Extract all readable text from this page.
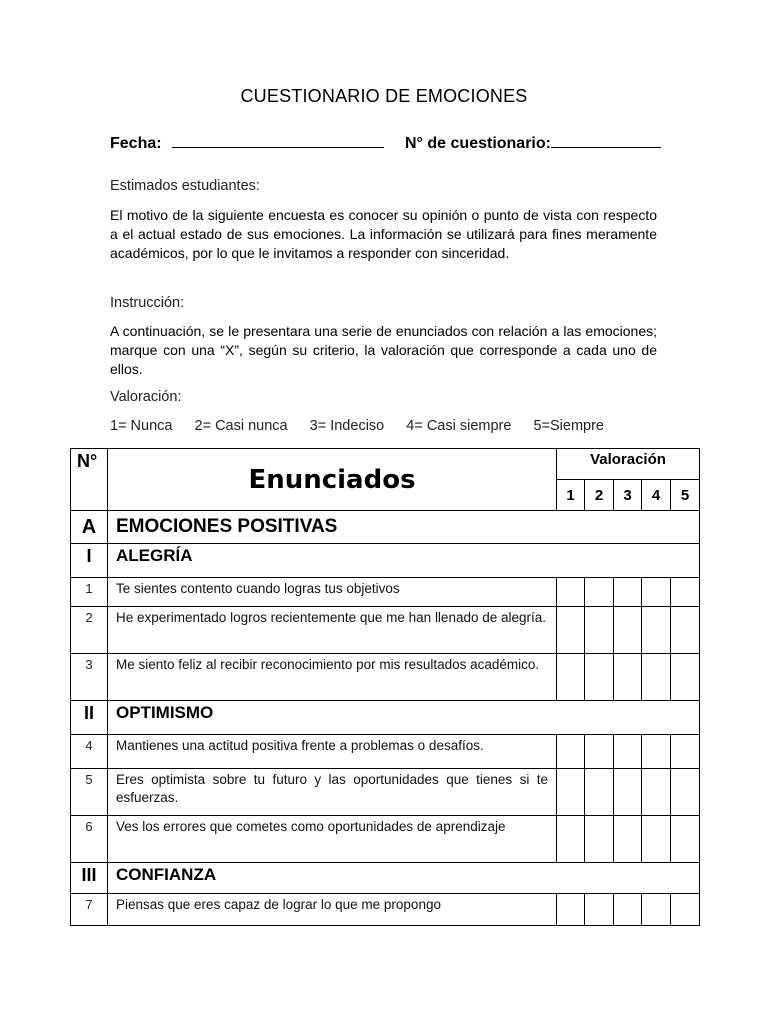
CUESTIONARIO DE EMOCIONES
Fecha:	N° de cuestionario:
Estimados estudiantes:
El motivo de la siguiente encuesta es conocer su opinión o punto de vista con respecto a el actual estado de sus emociones. La información se utilizará para fines meramente académicos, por lo que le invitamos a responder con sinceridad.
Instrucción:
A continuación, se le presentara una serie de enunciados con relación a las emociones; marque con una “X”, según su criterio, la valoración que corresponde a cada uno de ellos.
Valoración:
1= Nunca 2= Casi nunca 3= Indeciso 4= Casi siempre 5=Siempre
N°	Enunciados	Valoración				
		1	2	3	4	5
A	EMOCIONES POSITIVAS					
I	ALEGRÍA					
1	Te sientes contento cuando logras tus objetivos					
2	He experimentado logros recientemente que me han llenado de alegría.					
3	Me siento feliz al recibir reconocimiento por mis resultados académico.					
II	OPTIMISMO					
4	Mantienes una actitud positiva frente a problemas o desafíos.					
5	Eres optimista sobre tu futuro y las oportunidades que tienes si te esfuerzas.					
6	Ves los errores que cometes como oportunidades de aprendizaje					
III	CONFIANZA					
7	Piensas que eres capaz de lograr lo que me propongo					
